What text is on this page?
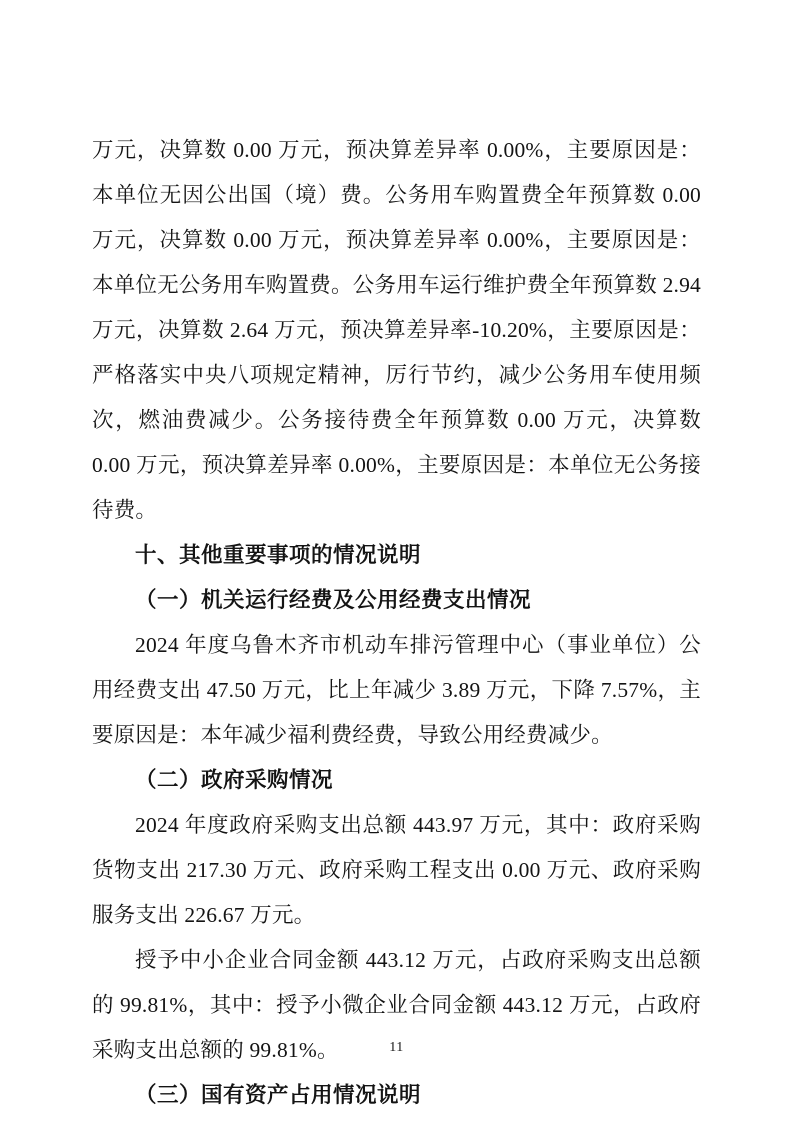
万元，决算数 0.00 万元，预决算差异率 0.00%，主要原因是：本单位无因公出国（境）费。公务用车购置费全年预算数 0.00 万元，决算数 0.00 万元，预决算差异率 0.00%，主要原因是：本单位无公务用车购置费。公务用车运行维护费全年预算数 2.94 万元，决算数 2.64 万元，预决算差异率-10.20%，主要原因是：严格落实中央八项规定精神，厉行节约，减少公务用车使用频次，燃油费减少。公务接待费全年预算数 0.00 万元，决算数 0.00 万元，预决算差异率 0.00%，主要原因是：本单位无公务接待费。

十、其他重要事项的情况说明

（一）机关运行经费及公用经费支出情况

2024 年度乌鲁木齐市机动车排污管理中心（事业单位）公用经费支出 47.50 万元，比上年减少 3.89 万元，下降 7.57%，主要原因是：本年减少福利费经费，导致公用经费减少。

（二）政府采购情况

2024 年度政府采购支出总额 443.97 万元，其中：政府采购货物支出 217.30 万元、政府采购工程支出 0.00 万元、政府采购服务支出 226.67 万元。

授予中小企业合同金额 443.12 万元，占政府采购支出总额的 99.81%，其中：授予小微企业合同金额 443.12 万元，占政府采购支出总额的 99.81%。

（三）国有资产占用情况说明

11
